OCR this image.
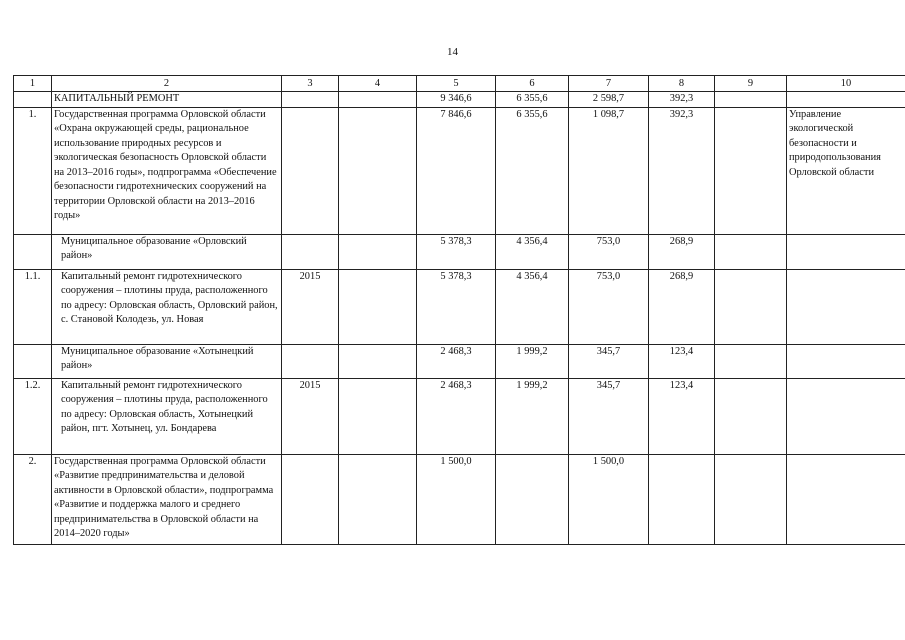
14
1	2	3	4	5	6	7	8	9	10
	КАПИТАЛЬНЫЙ РЕМОНТ			9 346,6	6 355,6	2 598,7	392,3		
1.	Государственная программа Орловской области «Охрана окружающей среды, рациональное использование природных ресурсов и экологическая безопасность Орловской области на 2013–2016 годы», подпрограмма «Обеспечение безопасности гидротехнических сооружений на территории Орловской области на 2013–2016 годы»			7 846,6	6 355,6	1 098,7	392,3		Управление экологической безопасности и природопользования Орловской области
	Муниципальное образование «Орловский район»			5 378,3	4 356,4	753,0	268,9		
1.1.	Капитальный ремонт гидротехнического сооружения – плотины пруда, расположенного по адресу: Орловская область, Орловский район, с. Становой Колодезь, ул. Новая	2015		5 378,3	4 356,4	753,0	268,9		
	Муниципальное образование «Хотынецкий район»			2 468,3	1 999,2	345,7	123,4		
1.2.	Капитальный ремонт гидротехнического сооружения – плотины пруда, расположенного по адресу: Орловская область, Хотынецкий район, пгт. Хотынец, ул. Бондарева	2015		2 468,3	1 999,2	345,7	123,4		
2.	Государственная программа Орловской области «Развитие предпринимательства и деловой активности в Орловской области», подпрограмма «Развитие и поддержка малого и среднего предпринимательства в Орловской области на 2014–2020 годы»			1 500,0		1 500,0			
